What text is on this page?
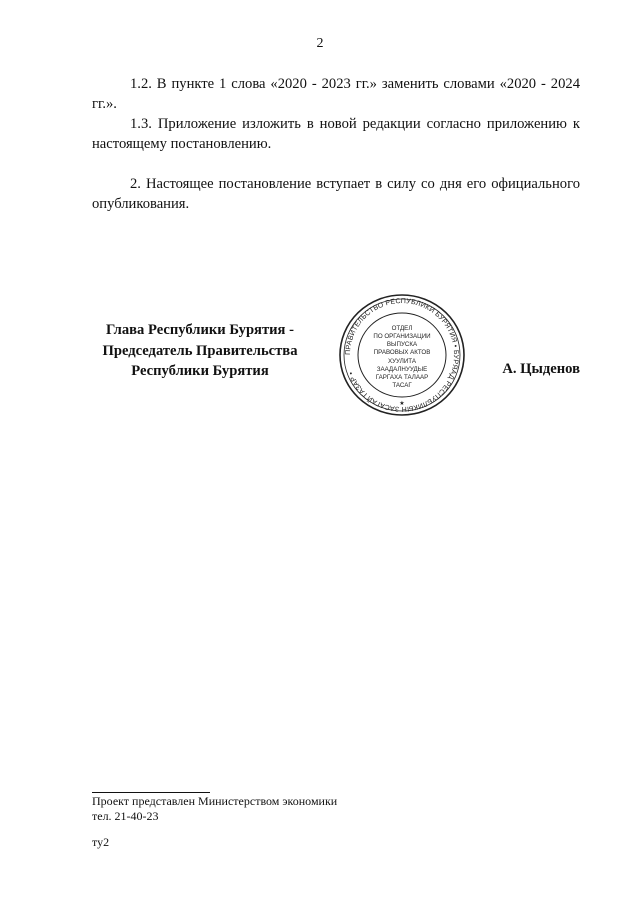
2

1.2. В пункте 1 слова «2020 - 2023 гг.» заменить словами «2020 - 2024 гг.».

1.3. Приложение изложить в новой редакции согласно приложению к настоящему постановлению.

2. Настоящее постановление вступает в силу со дня его официального опубликования.

Глава Республики Бурятия -
Председатель Правительства
Республики Бурятия
ПРАВИТЕЛЬСТВО РЕСПУБЛИКИ БУРЯТИЯ • БУРЯАД РЕСПУБЛИКЫН ЗАСАГАЙ ГАЗАР •
ОТДЕЛ
ПО ОРГАНИЗАЦИИ
ВЫПУСКА
ПРАВОВЫХ АКТОВ
ХУУЛИТА
ЗААДАЛНУУДЫЕ
ГАРГАХА ТАЛААР
ТАСАГ
★
А. Цыденов
Проект представлен Министерством экономики
тел. 21-40-23
ту2
